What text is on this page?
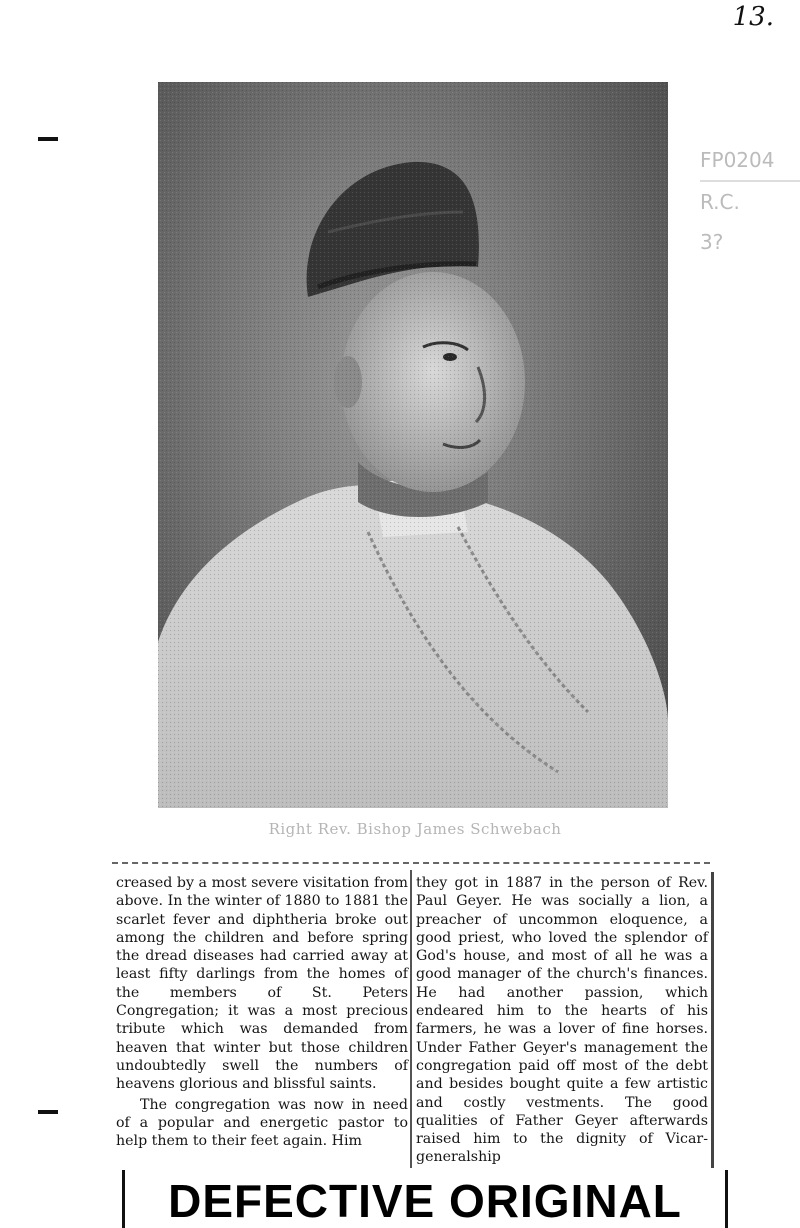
13.
FP0204
R.C.
3?
Right Rev. Bishop James Schwebach

creased by a most severe visitation from above. In the winter of 1880 to 1881 the scarlet fever and diphtheria broke out among the children and before spring the dread diseases had carried away at least fifty darlings from the homes of the members of St. Peters Congregation; it was a most precious tribute which was demanded from heaven that winter but those children undoubtedly swell the numbers of heavens glorious and blissful saints.

The congregation was now in need of a popular and energetic pastor to help them to their feet again. Him

they got in 1887 in the person of Rev. Paul Geyer. He was socially a lion, a preacher of uncommon eloquence, a good priest, who loved the splendor of God's house, and most of all he was a good manager of the church's finances. He had another passion, which endeared him to the hearts of his farmers, he was a lover of fine horses. Under Father Geyer's management the congregation paid off most of the debt and besides bought quite a few artistic and costly vestments. The good qualities of Father Geyer afterwards raised him to the dignity of Vicar-generalship

DEFECTIVE ORIGINAL
